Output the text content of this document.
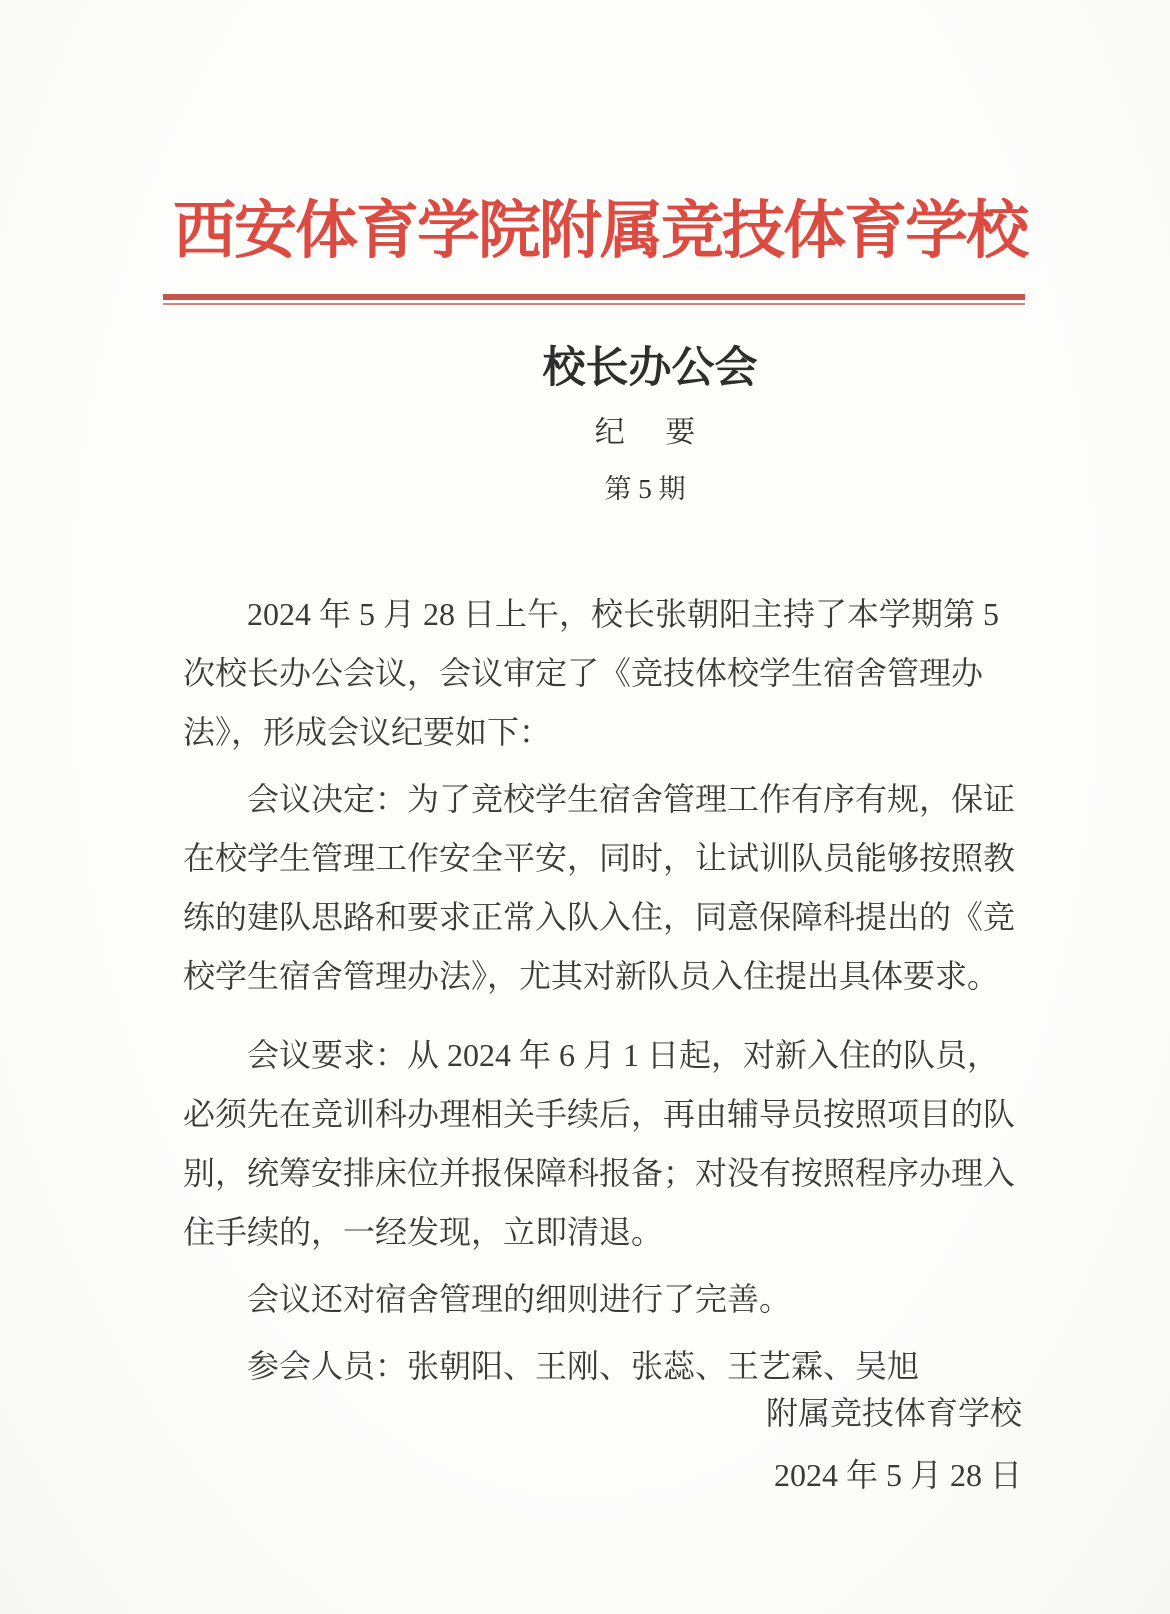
西安体育学院附属竞技体育学校
校长办公会
纪要
第 5 期
2024 年 5 月 28 日上午，校长张朝阳主持了本学期第 5
次校长办公会议，会议审定了《竞技体校学生宿舍管理办
法》，形成会议纪要如下：
会议决定：为了竞校学生宿舍管理工作有序有规，保证
在校学生管理工作安全平安，同时，让试训队员能够按照教
练的建队思路和要求正常入队入住，同意保障科提出的《竞
校学生宿舍管理办法》，尤其对新队员入住提出具体要求。
会议要求：从 2024 年 6 月 1 日起，对新入住的队员，
必须先在竞训科办理相关手续后，再由辅导员按照项目的队
别，统筹安排床位并报保障科报备；对没有按照程序办理入
住手续的，一经发现，立即清退。
会议还对宿舍管理的细则进行了完善。
参会人员：张朝阳、王刚、张蕊、王艺霖、吴旭
附属竞技体育学校
2024 年 5 月 28 日
